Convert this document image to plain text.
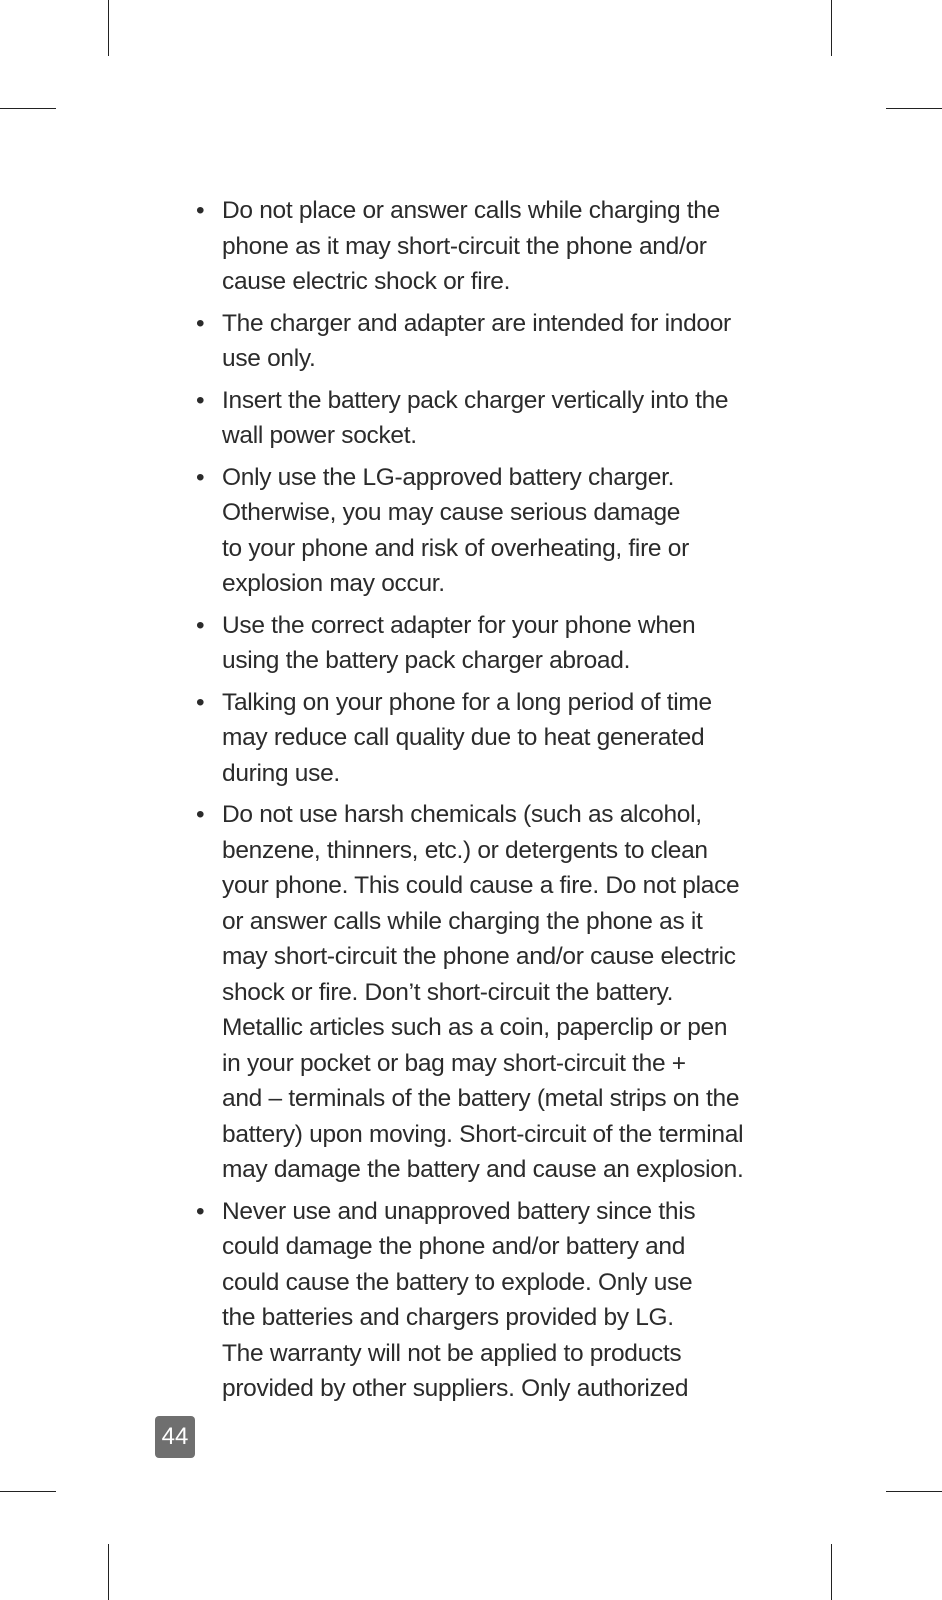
• Do not place or answer calls while charging the
phone as it may short-circuit the phone and/or
cause electric shock or fire.
• The charger and adapter are intended for indoor
use only.
• Insert the battery pack charger vertically into the
wall power socket.
• Only use the LG-approved battery charger.
Otherwise, you may cause serious damage
to your phone and risk of overheating, fire or
explosion may occur.
• Use the correct adapter for your phone when
using the battery pack charger abroad.
• Talking on your phone for a long period of time
may reduce call quality due to heat generated
during use.
• Do not use harsh chemicals (such as alcohol,
benzene, thinners, etc.) or detergents to clean
your phone. This could cause a fire. Do not place
or answer calls while charging the phone as it
may short-circuit the phone and/or cause electric
shock or fire. Don’t short-circuit the battery.
Metallic articles such as a coin, paperclip or pen
in your pocket or bag may short-circuit the +
and – terminals of the battery (metal strips on the
battery) upon moving. Short-circuit of the terminal
may damage the battery and cause an explosion.
• Never use and unapproved battery since this
could damage the phone and/or battery and
could cause the battery to explode. Only use
the batteries and chargers provided by LG.
The warranty will not be applied to products
provided by other suppliers. Only authorized
44
